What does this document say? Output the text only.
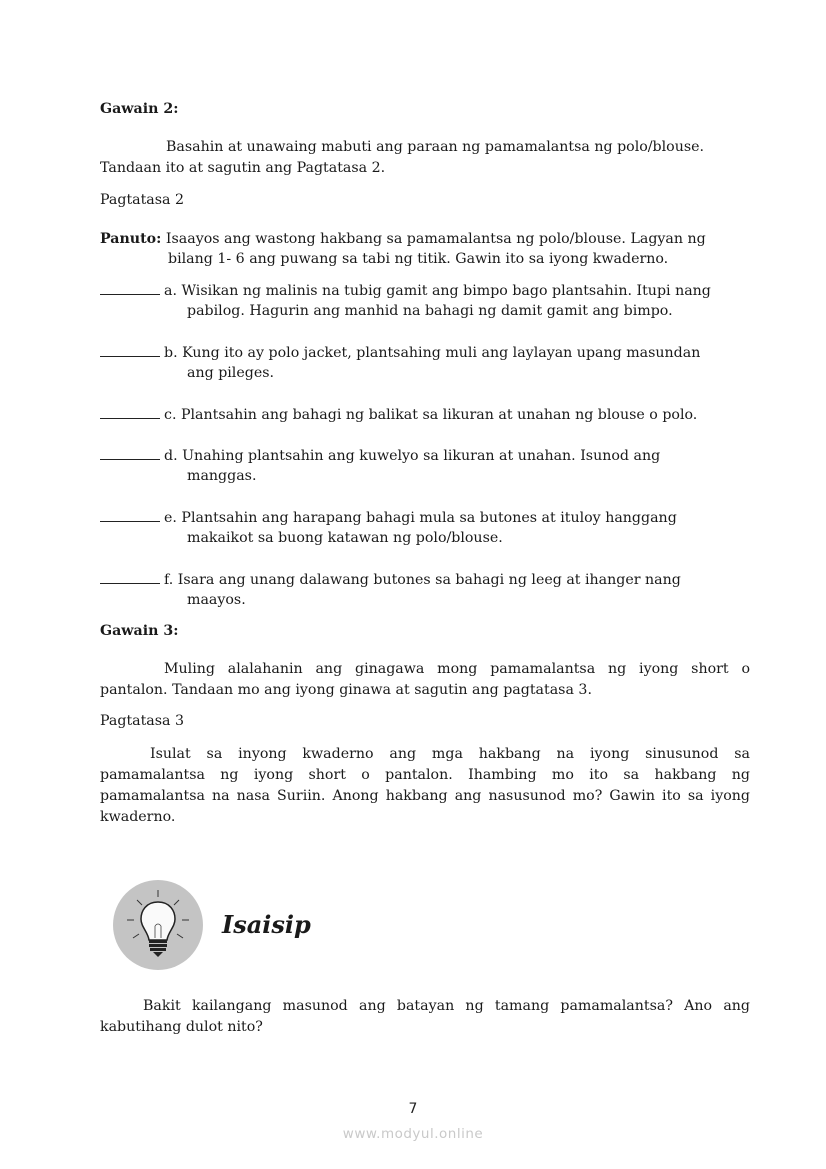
Gawain 2:
Basahin at unawaing mabuti ang paraan ng pamamalantsa ng polo/blouse.
Tandaan ito at sagutin ang Pagtatasa 2.
Pagtatasa 2
Panuto: Isaayos ang wastong hakbang sa pamamalantsa ng polo/blouse. Lagyan ng
bilang 1- 6 ang puwang sa tabi ng titik. Gawin ito sa iyong kwaderno.
a. Wisikan ng malinis na tubig gamit ang bimpo bago plantsahin. Itupi nang
pabilog. Hagurin ang manhid na bahagi ng damit gamit ang bimpo.
b. Kung ito ay polo jacket, plantsahing muli ang laylayan upang masundan
ang pileges.
c. Plantsahin ang bahagi ng balikat sa likuran at unahan ng blouse o polo.
d. Unahing plantsahin ang kuwelyo sa likuran at unahan. Isunod ang
manggas.
e. Plantsahin ang harapang bahagi mula sa butones at ituloy hanggang
makaikot sa buong katawan ng polo/blouse.
f. Isara ang unang dalawang butones sa bahagi ng leeg at ihanger nang
maayos.
Gawain 3:
Muling alalahanin ang ginagawa mong pamamalantsa ng iyong short o
pantalon. Tandaan mo ang iyong ginawa at sagutin ang pagtatasa 3.
Pagtatasa 3
Isulat sa inyong kwaderno ang mga hakbang na iyong sinusunod sa
pamamalantsa ng iyong short o pantalon. Ihambing mo ito sa hakbang ng
pamamalantsa na nasa Suriin. Anong hakbang ang nasusunod mo? Gawin ito sa iyong
kwaderno.
Isaisip
Bakit kailangang masunod ang batayan ng tamang pamamalantsa? Ano ang
kabutihang dulot nito?
7
www.modyul.online
